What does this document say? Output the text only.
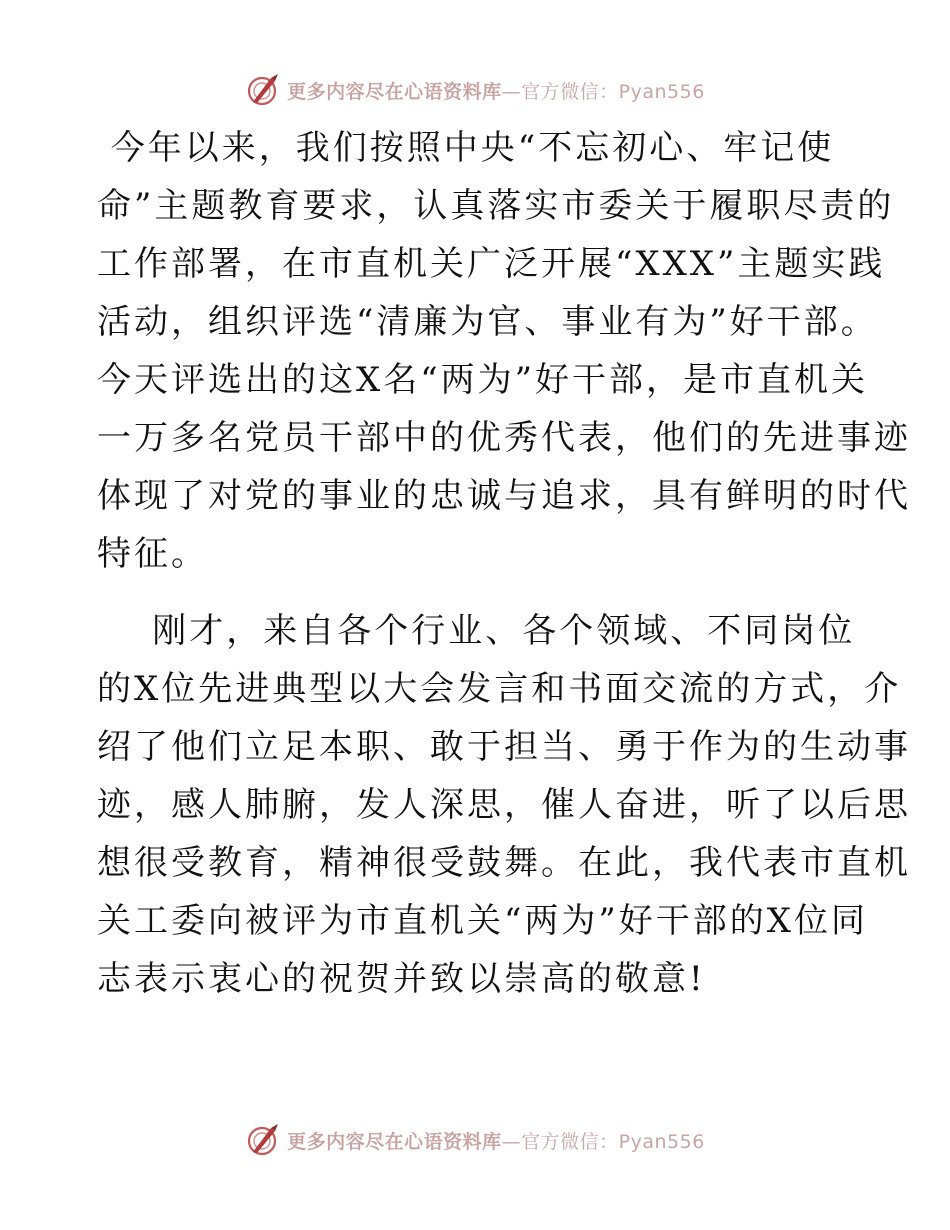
更多内容尽在心语资料库—官方微信：Pyan556

今年以来，我们按照中央“不忘初心、牢记使
命”主题教育要求，认真落实市委关于履职尽责的
工作部署，在市直机关广泛开展“XXX”主题实践
活动，组织评选“清廉为官、事业有为”好干部。
今天评选出的这X名“两为”好干部，是市直机关
一万多名党员干部中的优秀代表，他们的先进事迹
体现了对党的事业的忠诚与追求，具有鲜明的时代
特征。

刚才，来自各个行业、各个领域、不同岗位
的X位先进典型以大会发言和书面交流的方式，介
绍了他们立足本职、敢于担当、勇于作为的生动事
迹，感人肺腑，发人深思，催人奋进，听了以后思
想很受教育，精神很受鼓舞。在此，我代表市直机
关工委向被评为市直机关“两为”好干部的X位同
志表示衷心的祝贺并致以崇高的敬意!

更多内容尽在心语资料库—官方微信：Pyan556
